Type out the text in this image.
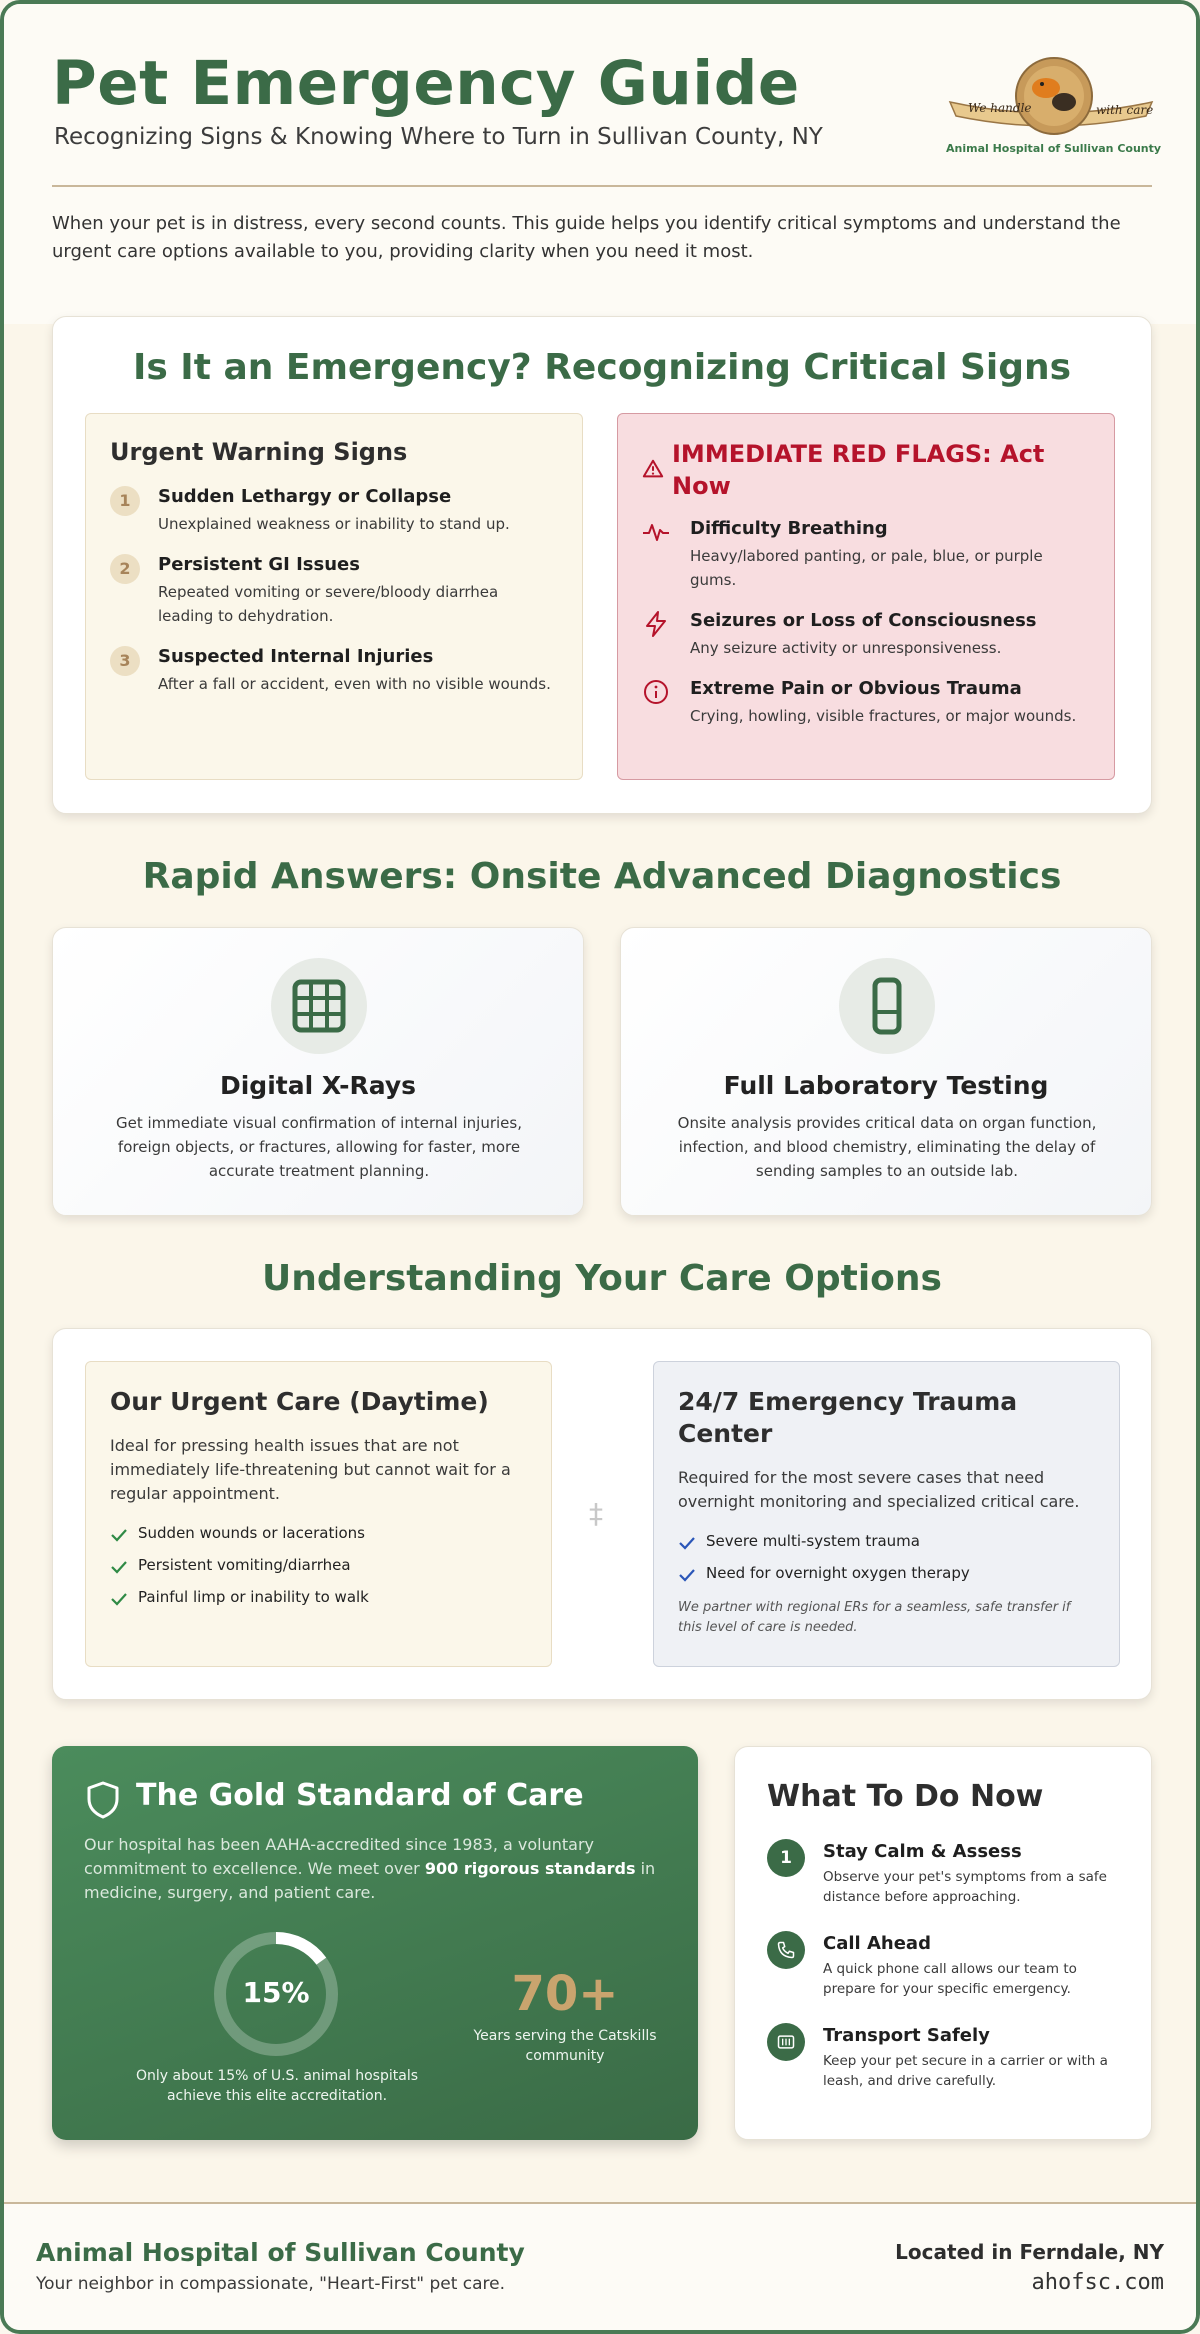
Pet Emergency Guide
Recognizing Signs & Knowing Where to Turn in Sullivan County, NY
We handle	with care
Animal Hospital of Sullivan County
When your pet is in distress, every second counts. This guide helps you identify critical symptoms and understand the urgent care options available to you, providing clarity when you need it most.
Is It an Emergency? Recognizing Critical Signs
Urgent Warning Signs
1	Sudden Lethargy or Collapse
Unexplained weakness or inability to stand up.
2	Persistent GI Issues
Repeated vomiting or severe/bloody diarrhea leading to dehydration.
3	Suspected Internal Injuries
After a fall or accident, even with no visible wounds.
IMMEDIATE RED FLAGS: Act Now
Difficulty Breathing
Heavy/labored panting, or pale, blue, or purple gums.
Seizures or Loss of Consciousness
Any seizure activity or unresponsiveness.
Extreme Pain or Obvious Trauma
Crying, howling, visible fractures, or major wounds.
Rapid Answers: Onsite Advanced Diagnostics
Digital X-Rays
Get immediate visual confirmation of internal injuries, foreign objects, or fractures, allowing for faster, more accurate treatment planning.
Full Laboratory Testing
Onsite analysis provides critical data on organ function, infection, and blood chemistry, eliminating the delay of sending samples to an outside lab.
Understanding Your Care Options
Our Urgent Care (Daytime)
Ideal for pressing health issues that are not immediately life-threatening but cannot wait for a regular appointment.
Sudden wounds or lacerations
Persistent vomiting/diarrhea
Painful limp or inability to walk
‡
24/7 Emergency Trauma Center
Required for the most severe cases that need overnight monitoring and specialized critical care.
Severe multi-system trauma
Need for overnight oxygen therapy
We partner with regional ERs for a seamless, safe transfer if this level of care is needed.
The Gold Standard of Care
Our hospital has been AAHA-accredited since 1983, a voluntary commitment to excellence. We meet over 900 rigorous standards in medicine, surgery, and patient care.
15%
Only about 15% of U.S. animal hospitals achieve this elite accreditation.
70+
Years serving the Catskills community
What To Do Now
1	Stay Calm & Assess
Observe your pet's symptoms from a safe distance before approaching.
Call Ahead
A quick phone call allows our team to prepare for your specific emergency.
Transport Safely
Keep your pet secure in a carrier or with a leash, and drive carefully.
Animal Hospital of Sullivan County
Your neighbor in compassionate, "Heart-First" pet care.
Located in Ferndale, NY
ahofsc.com
